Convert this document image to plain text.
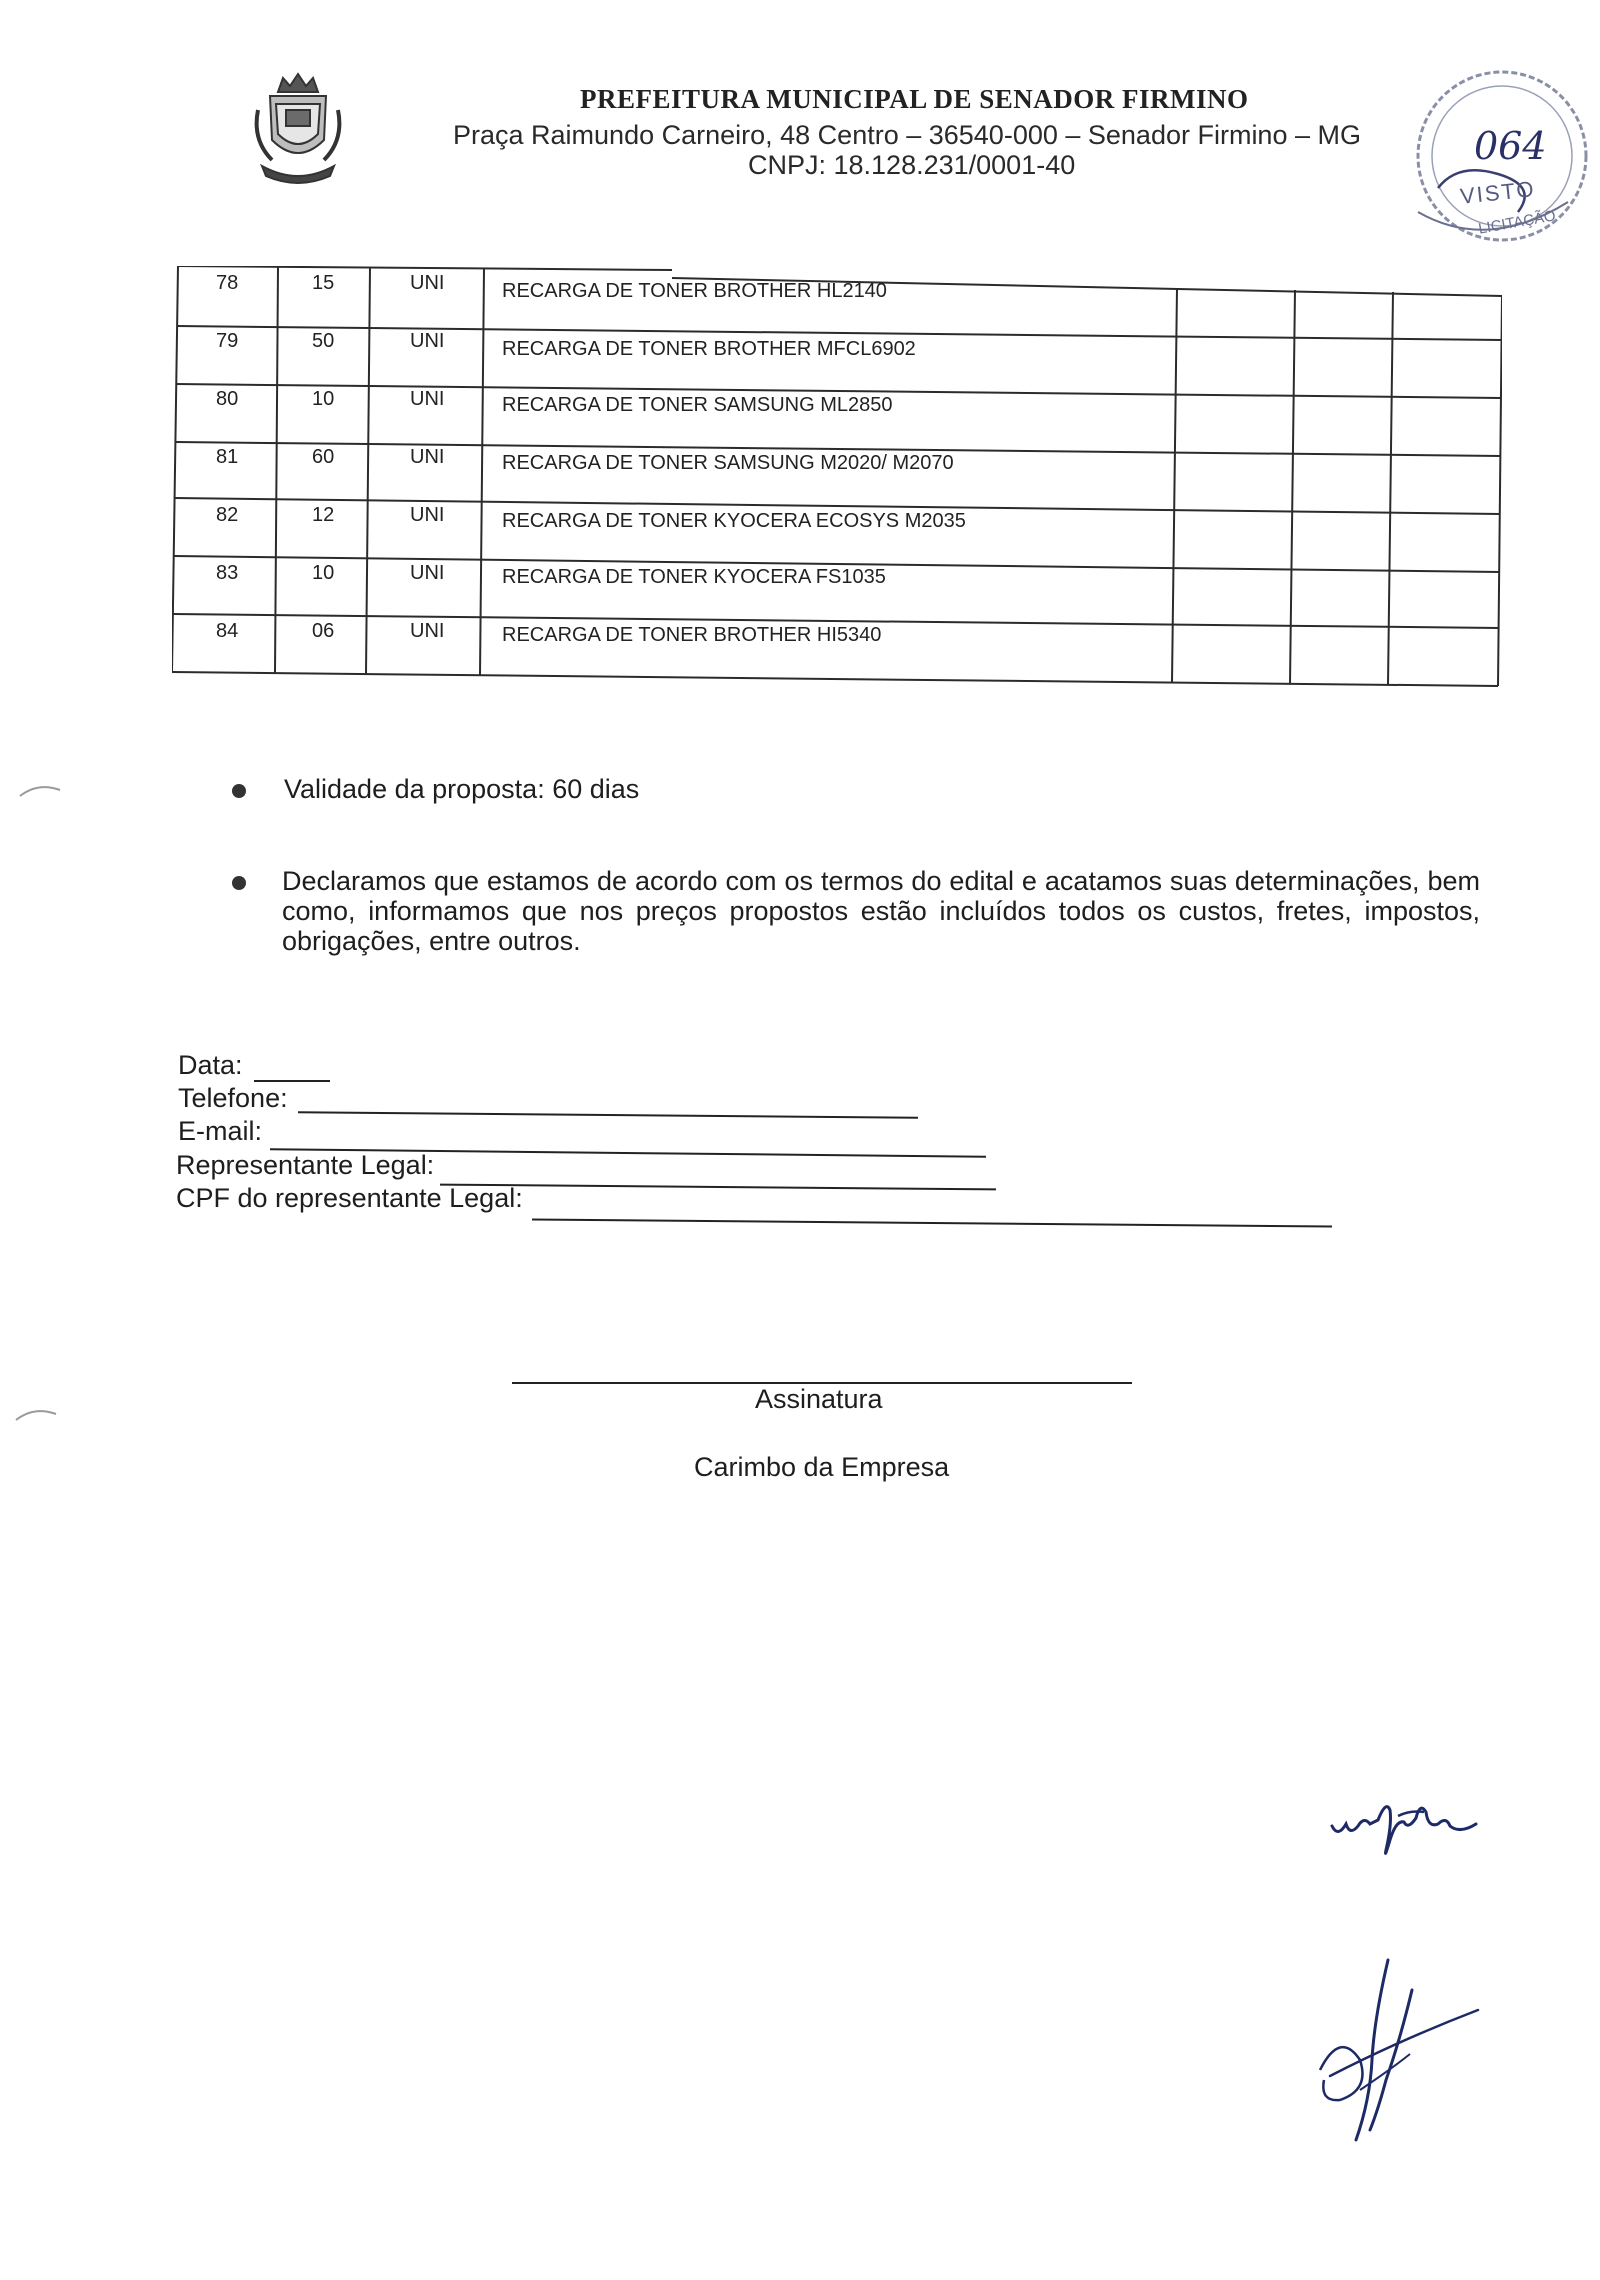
PREFEITURA MUNICIPAL DE SENADOR FIRMINO
Praça Raimundo Carneiro, 48 Centro – 36540-000 – Senador Firmino – MG
CNPJ: 18.128.231/0001-40	064
VISTO
LICITAÇÃO
78	15	UNI	RECARGA DE TONER BROTHER HL2140
79	50	UNI	RECARGA DE TONER BROTHER MFCL6902
80	10	UNI	RECARGA DE TONER SAMSUNG ML2850
81	60	UNI	RECARGA DE TONER SAMSUNG M2020/ M2070
82	12	UNI	RECARGA DE TONER KYOCERA ECOSYS M2035
83	10	UNI	RECARGA DE TONER KYOCERA FS1035
84	06	UNI	RECARGA DE TONER BROTHER HI5340
Validade da proposta: 60 dias
Declaramos que estamos de acordo com os termos do edital e acatamos suas determinações, bem como, informamos que nos preços propostos estão incluídos todos os custos, fretes, impostos, obrigações, entre outros.
Data:
Telefone:
E-mail:
Representante Legal:
CPF do representante Legal:
Assinatura
Carimbo da Empresa
